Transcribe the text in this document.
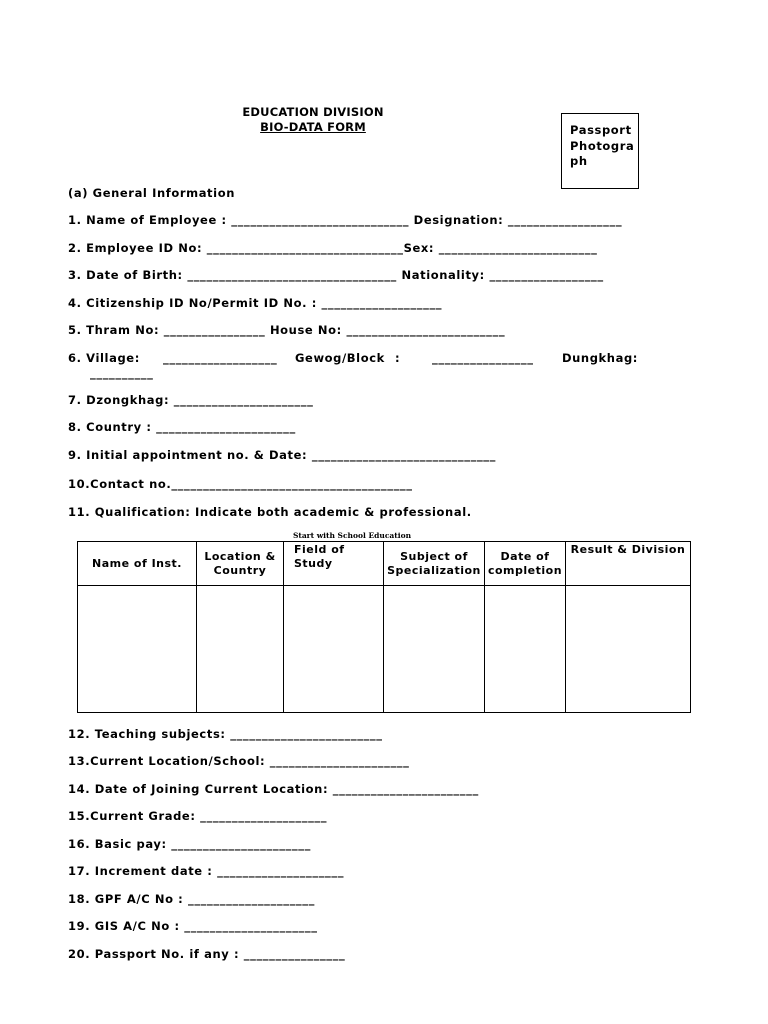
EDUCATION DIVISION
BIO-DATA FORM	Passport Photograph
(a) General Information
1. Name of Employee : ____________________________ Designation: __________________
2. Employee ID No: _______________________________Sex: _________________________
3. Date of Birth: _________________________________ Nationality: __________________
4. Citizenship ID No/Permit ID No. : ___________________
5. Thram No: ________________ House No: _________________________
6. Village: __________________ Gewog/Block :	________________ Dungkhag:
__________
7. Dzongkhag: ______________________
8. Country : ______________________
9. Initial appointment no. & Date: _____________________________
10.Contact no.______________________________________
11. Qualification: Indicate both academic & professional.
Start with School Education
Name of Inst.	Location & Country	Field of Study	Subject of Specialization	Date of completion	Result & Division

12. Teaching subjects: ________________________
13.Current Location/School: ______________________
14. Date of Joining Current Location: _______________________
15.Current Grade: ____________________
16. Basic pay: ______________________
17. Increment date : ____________________
18. GPF A/C No : ____________________
19. GIS A/C No : _____________________
20. Passport No. if any : ________________
